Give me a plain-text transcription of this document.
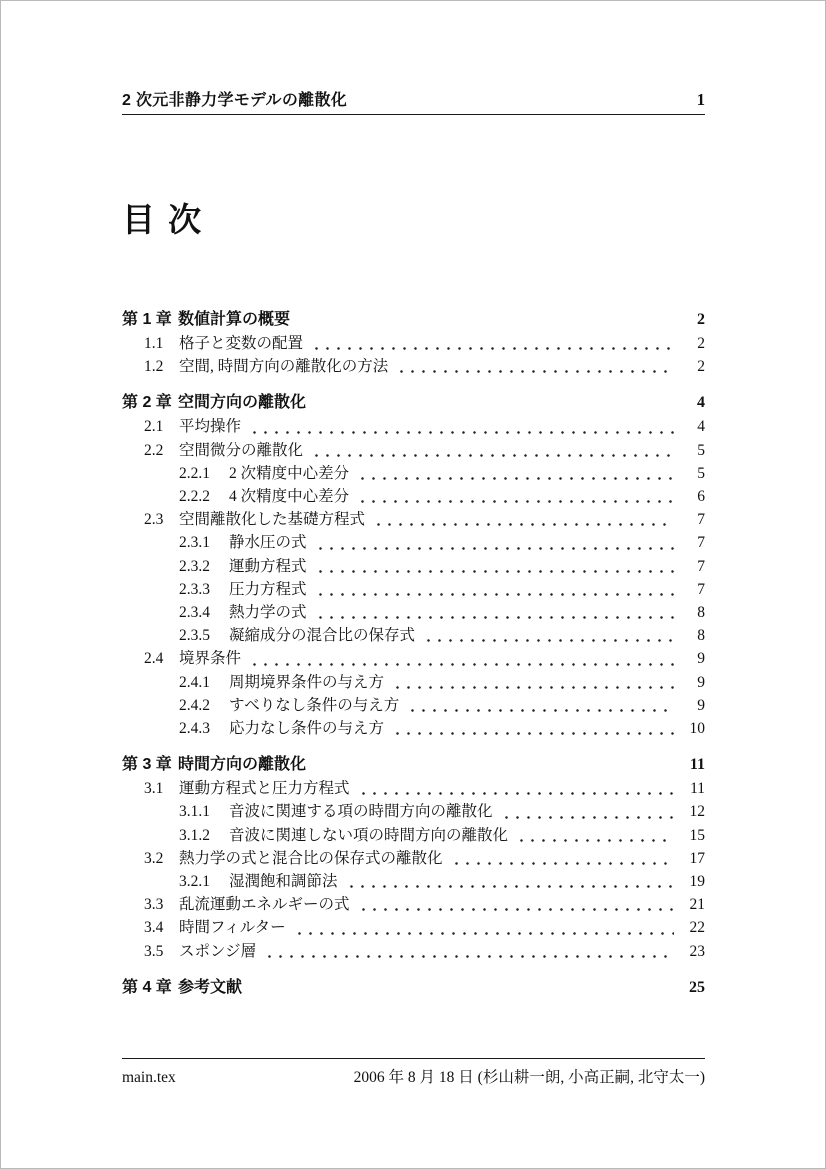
2 次元非静力学モデルの離散化	1
目 次
第 1 章 数値計算の概要	2
1.1	格子と変数の配置	2
1.2	空間, 時間方向の離散化の方法	2
第 2 章 空間方向の離散化	4
2.1	平均操作	4
2.2	空間微分の離散化	5
2.2.1	2 次精度中心差分	5
2.2.2	4 次精度中心差分	6
2.3	空間離散化した基礎方程式	7
2.3.1	静水圧の式	7
2.3.2	運動方程式	7
2.3.3	圧力方程式	7
2.3.4	熱力学の式	8
2.3.5	凝縮成分の混合比の保存式	8
2.4	境界条件	9
2.4.1	周期境界条件の与え方	9
2.4.2	すべりなし条件の与え方	9
2.4.3	応力なし条件の与え方	10
第 3 章 時間方向の離散化	11
3.1	運動方程式と圧力方程式	11
3.1.1	音波に関連する項の時間方向の離散化	12
3.1.2	音波に関連しない項の時間方向の離散化	15
3.2	熱力学の式と混合比の保存式の離散化	17
3.2.1	湿潤飽和調節法	19
3.3	乱流運動エネルギーの式	21
3.4	時間フィルター	22
3.5	スポンジ層	23
第 4 章 参考文献	25
main.tex	2006 年 8 月 18 日 (杉山耕一朗, 小高正嗣, 北守太一)
